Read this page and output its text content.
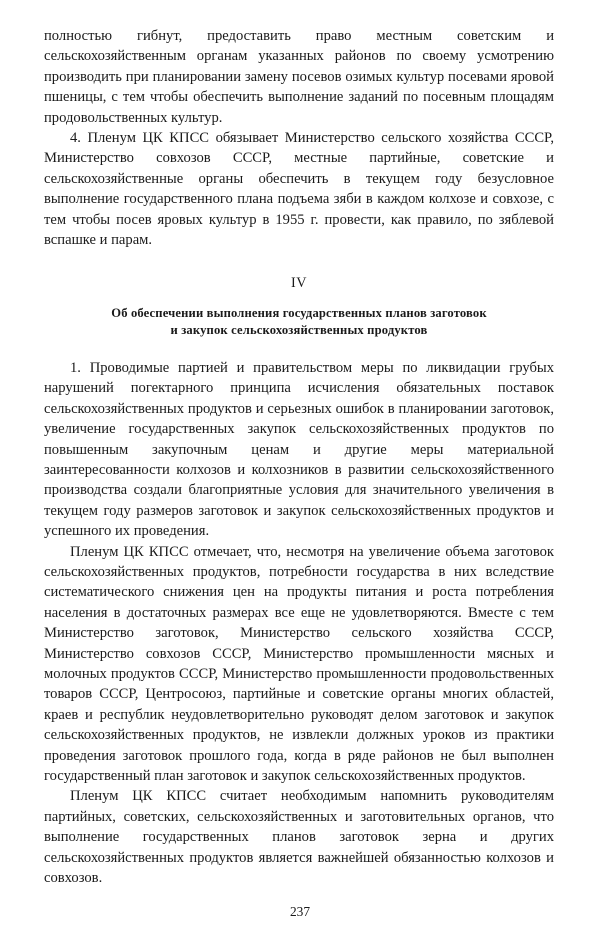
полностью гибнут, предоставить право местным советским и сельскохозяйственным органам указанных районов по своему усмотрению производить при планировании замену посевов озимых культур посевами яровой пшеницы, с тем чтобы обеспечить выполнение заданий по посевным площадям продовольственных культур.

4. Пленум ЦК КПСС обязывает Министерство сельского хозяйства СССР, Министерство совхозов СССР, местные партийные, советские и сельскохозяйственные органы обеспечить в текущем году безусловное выполнение государственного плана подъема зяби в каждом колхозе и совхозе, с тем чтобы посев яровых культур в 1955 г. провести, как правило, по зяблевой вспашке и парам.

IV
Об обеспечении выполнения государственных планов заготовок
и закупок сельскохозяйственных продуктов

1. Проводимые партией и правительством меры по ликвидации грубых нарушений погектарного принципа исчисления обязательных поставок сельскохозяйственных продуктов и серьезных ошибок в планировании заготовок, увеличение государственных закупок сельскохозяйственных продуктов по повышенным закупочным ценам и другие меры материальной заинтересованности колхозов и колхозников в развитии сельскохозяйственного производства создали благоприятные условия для значительного увеличения в текущем году размеров заготовок и закупок сельскохозяйственных продуктов и успешного их проведения.

Пленум ЦК КПСС отмечает, что, несмотря на увеличение объема заготовок сельскохозяйственных продуктов, потребности государства в них вследствие систематического снижения цен на продукты питания и роста потребления населения в достаточных размерах все еще не удовлетворяются. Вместе с тем Министерство заготовок, Министерство сельского хозяйства СССР, Министерство совхозов СССР, Министерство промышленности мясных и молочных продуктов СССР, Министерство промышленности продовольственных товаров СССР, Центросоюз, партийные и советские органы многих областей, краев и республик неудовлетворительно руководят делом заготовок и закупок сельскохозяйственных продуктов, не извлекли должных уроков из практики проведения заготовок прошлого года, когда в ряде районов не был выполнен государственный план заготовок и закупок сельскохозяйственных продуктов.

Пленум ЦК КПСС считает необходимым напомнить руководителям партийных, советских, сельскохозяйственных и заготовительных органов, что выполнение государственных планов заготовок зерна и других сельскохозяйственных продуктов является важнейшей обязанностью колхозов и совхозов.

237
